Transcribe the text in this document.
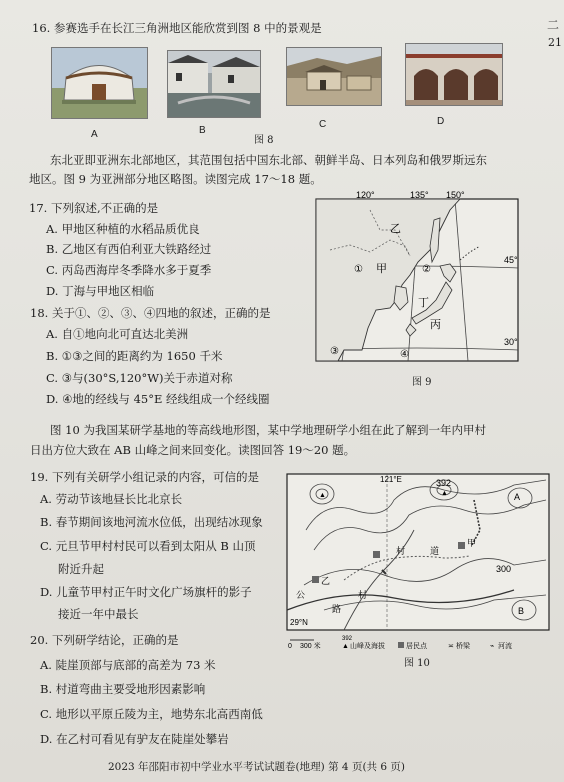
二
21
16. 参赛选手在长江三角洲地区能欣赏到图 8 中的景观是
A	B
C	D
图 8
东北亚即亚洲东北部地区，其范围包括中国东北部、朝鲜半岛、日本列岛和俄罗斯远东
地区。图 9 为亚洲部分地区略图。读图完成 17～18 题。
17. 下列叙述,不正确的是
A. 甲地区种植的水稻品质优良
B. 乙地区有西伯利亚大铁路经过
C. 丙岛西海岸冬季降水多于夏季
D. 丁海与甲地区相临
18. 关于①、②、③、④四地的叙述，正确的是
A. 自①地向北可直达北美洲
B. ①③之间的距离约为 1650 千米
C. ③与(30°S,120°W)关于赤道对称
D. ④地的经线与 45°E 经线组成一个经线圈
120°	135° 150°
45°
30°
乙
甲
丁
丙
①	②
③	④
图 9
图 10 为我国某研学基地的等高线地形图，某中学地理研学小组在此了解到一年内甲村
日出方位大致在 AB 山峰之间来回变化。读图回答 19～20 题。
19. 下列有关研学小组记录的内容，可信的是
A. 劳动节该地昼长比北京长
B. 春节期间该地河流水位低，出现结冰现象
C. 元旦节甲村村民可以看到太阳从 B 山顶
附近升起
D. 儿童节甲村正午时文化广场旗杆的影子
接近一年中最长
20. 下列研学结论，正确的是
A. 陡崖顶部与底部的高差为 73 米
B. 村道弯曲主要受地形因素影响
C. 地形以平原丘陵为主，地势东北高西南低
D. 在乙村可看见有驴友在陡崖处攀岩
121°E
29°N
▲
392
▲	A
B
村	道
甲
乙
公
路
村
300
0 300 米
392
▲ 山峰及海拔	居民点	≍ 桥梁	⌁ 河流
图 10
2023 年邵阳市初中学业水平考试试题卷(地理) 第 4 页(共 6 页)
